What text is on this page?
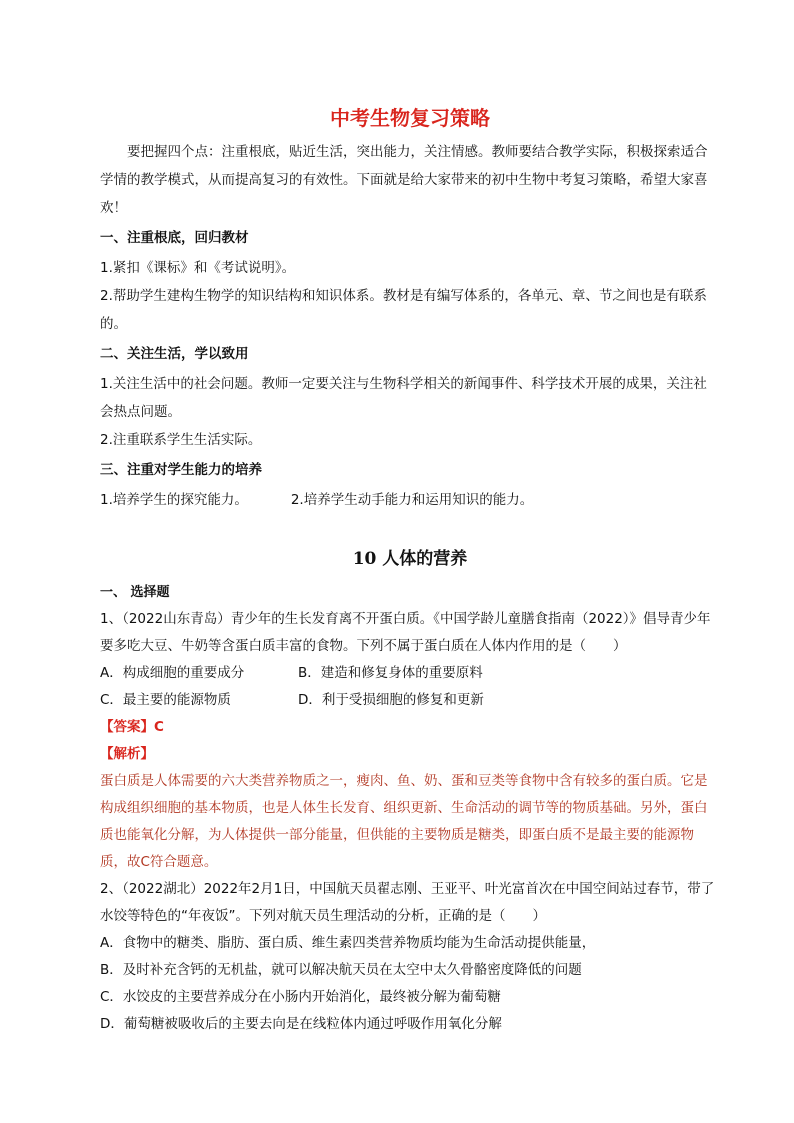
中考生物复习策略

要把握四个点：注重根底，贴近生活，突出能力，关注情感。教师要结合教学实际，积极探索适合学情的教学模式，从而提高复习的有效性。下面就是给大家带来的初中生物中考复习策略，希望大家喜欢！

一、注重根底，回归教材

1.紧扣《课标》和《考试说明》。

2.帮助学生建构生物学的知识结构和知识体系。教材是有编写体系的，各单元、章、节之间也是有联系的。

二、关注生活，学以致用

1.关注生活中的社会问题。教师一定要关注与生物科学相关的新闻事件、科学技术开展的成果，关注社会热点问题。

2.注重联系学生生活实际。

三、注重对学生能力的培养
1.培养学生的探究能力。	2.培养学生动手能力和运用知识的能力。
10 人体的营养
一、 选择题
1、（2022山东青岛）青少年的生长发育离不开蛋白质。《中国学龄儿童膳食指南（2022）》倡导青少年要多吃大豆、牛奶等含蛋白质丰富的食物。下列不属于蛋白质在人体内作用的是（　　）
A．构成细胞的重要成分	B．建造和修复身体的重要原料
C．最主要的能源物质	D．利于受损细胞的修复和更新
【答案】C
【解析】
蛋白质是人体需要的六大类营养物质之一，瘦肉、鱼、奶、蛋和豆类等食物中含有较多的蛋白质。它是构成组织细胞的基本物质，也是人体生长发育、组织更新、生命活动的调节等的物质基础。另外，蛋白质也能氧化分解，为人体提供一部分能量，但供能的主要物质是糖类，即蛋白质不是最主要的能源物质，故C符合题意。
2、（2022湖北）2022年2月1日，中国航天员翟志刚、王亚平、叶光富首次在中国空间站过春节，带了水饺等特色的“年夜饭”。下列对航天员生理活动的分析，正确的是（　　）
A．食物中的糖类、脂肪、蛋白质、维生素四类营养物质均能为生命活动提供能量，
B．及时补充含钙的无机盐，就可以解决航天员在太空中太久骨骼密度降低的问题
C．水饺皮的主要营养成分在小肠内开始消化，最终被分解为葡萄糖
D．葡萄糖被吸收后的主要去向是在线粒体内通过呼吸作用氧化分解
